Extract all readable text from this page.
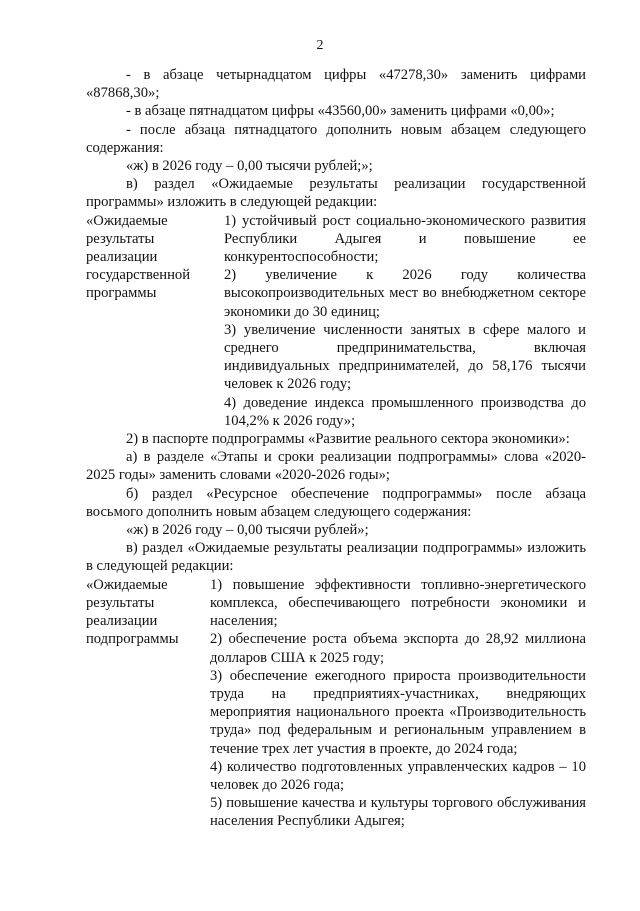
2

- в абзаце четырнадцатом цифры «47278,30» заменить цифрами «87868,30»;

- в абзаце пятнадцатом цифры «43560,00» заменить цифрами «0,00»;

- после абзаца пятнадцатого дополнить новым абзацем следующего содержания:

«ж) в 2026 году – 0,00 тысячи рублей;»;

в) раздел «Ожидаемые результаты реализации государственной программы» изложить в следующей редакции:

«Ожидаемые результаты реализации государственной программы

1) устойчивый рост социально-экономического развития Республики Адыгея и повышение ее конкурентоспособности;

2) увеличение к 2026 году количества высокопроизводительных мест во внебюджетном секторе экономики до 30 единиц;

3) увеличение численности занятых в сфере малого и среднего предпринимательства, включая индивидуальных предпринимателей, до 58,176 тысячи человек к 2026 году;

4) доведение индекса промышленного производства до 104,2% к 2026 году»;

2) в паспорте подпрограммы «Развитие реального сектора экономики»:

а) в разделе «Этапы и сроки реализации подпрограммы» слова «2020-2025 годы» заменить словами «2020-2026 годы»;

б) раздел «Ресурсное обеспечение подпрограммы» после абзаца восьмого дополнить новым абзацем следующего содержания:

«ж) в 2026 году – 0,00 тысячи рублей»;

в) раздел «Ожидаемые результаты реализации подпрограммы» изложить в следующей редакции:

«Ожидаемые результаты реализации подпрограммы

1) повышение эффективности топливно-энергетического комплекса, обеспечивающего потребности экономики и населения;

2) обеспечение роста объема экспорта до 28,92 миллиона долларов США к 2025 году;

3) обеспечение ежегодного прироста производительности труда на предприятиях-участниках, внедряющих мероприятия национального проекта «Производительность труда» под федеральным и региональным управлением в течение трех лет участия в проекте, до 2024 года;

4) количество подготовленных управленческих кадров – 10 человек до 2026 года;

5) повышение качества и культуры торгового обслуживания населения Республики Адыгея;
